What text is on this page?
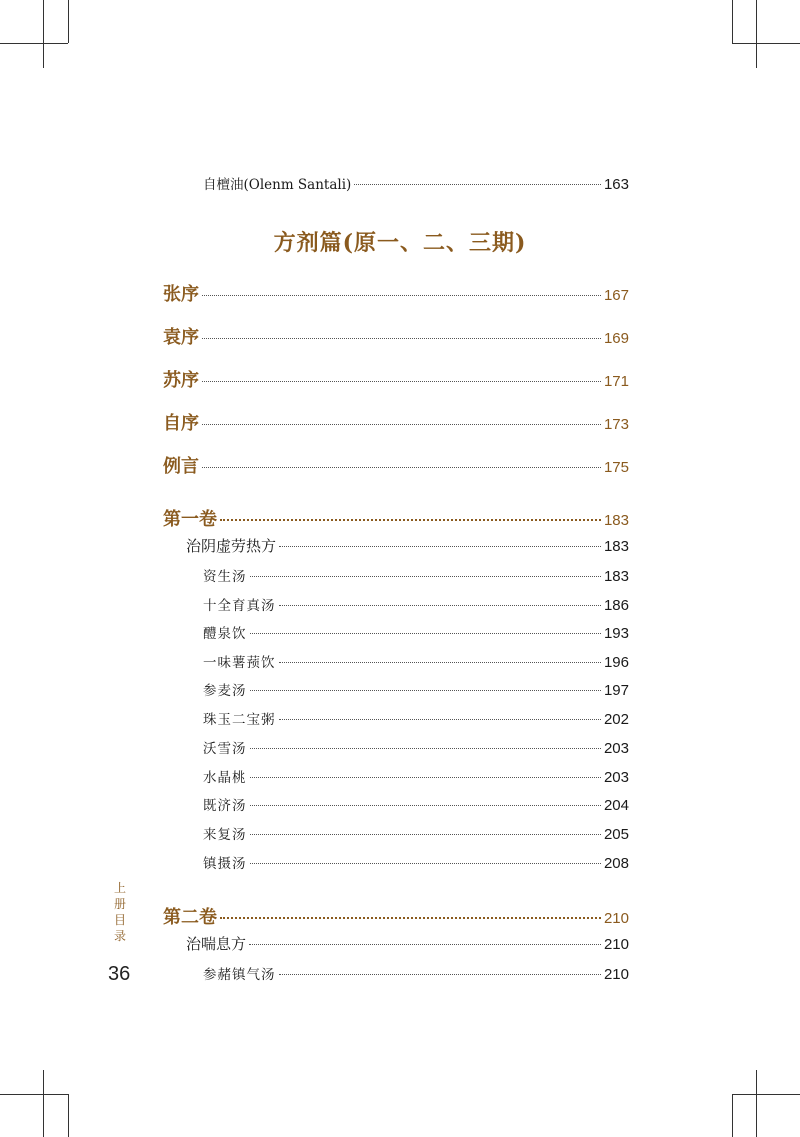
自檀油(Olenm Santali)	163
方剂篇(原一、二、三期)
张序	167
袁序	169
苏序	171
自序	173
例言	175
第一卷	183
治阴虚劳热方	183
资生汤	183
十全育真汤	186
醴泉饮	193
一味薯蓣饮	196
参麦汤	197
珠玉二宝粥	202
沃雪汤	203
水晶桃	203
既济汤	204
来复汤	205
镇摄汤	208
第二卷	210
治喘息方	210
参赭镇气汤	210
上
册
目
录
36
